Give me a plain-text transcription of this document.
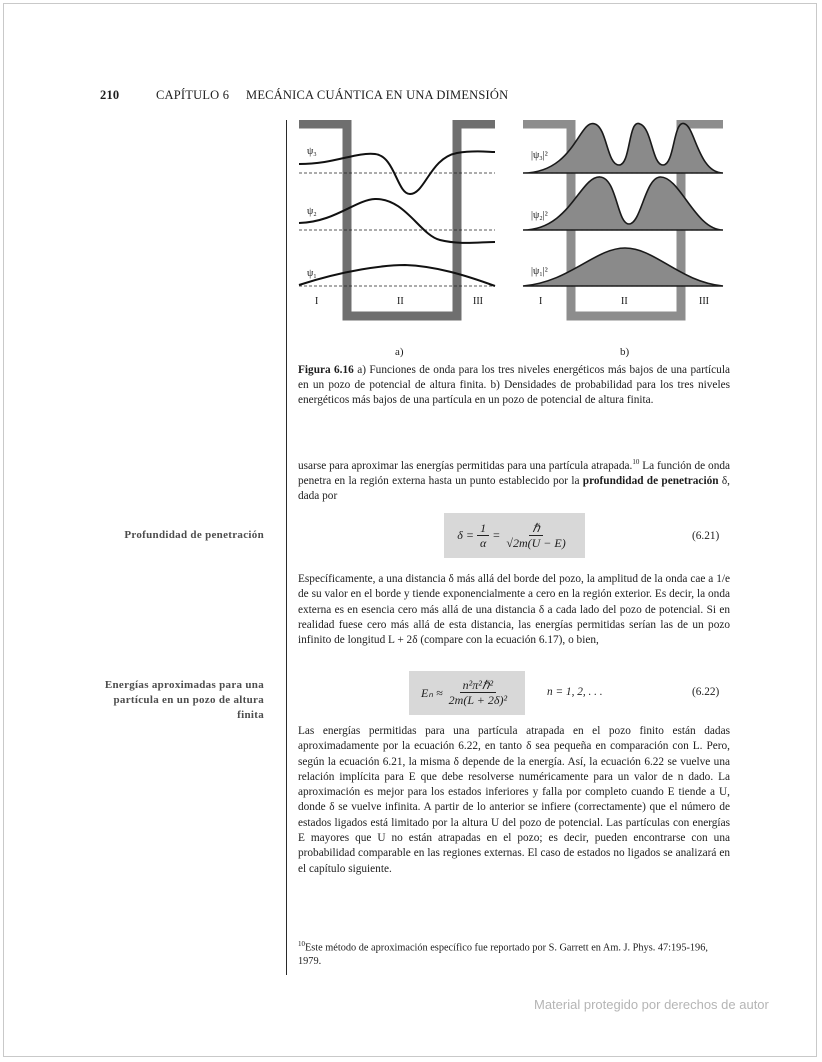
210	CAPÍTULO 6 MECÁNICA CUÁNTICA EN UNA DIMENSIÓN
ψ₃
ψ₂
ψ₁
I	II	III
|ψ₃|²
|ψ₂|²
|ψ₁|²
I	II	III
a)	b)
Figura 6.16 a) Funciones de onda para los tres niveles energéticos más bajos de una partícula en un pozo de potencial de altura finita. b) Densidades de probabilidad para los tres niveles energéticos más bajos de una partícula en un pozo de potencial de altura finita.

usarse para aproximar las energías permitidas para una partícula atrapada.$^{10}$ La función de onda penetra en la región externa hasta un punto establecido por la profundidad de penetración δ, dada por

Profundidad de penetración	$\delta = \frac{1}{\alpha} = \frac{\text{ℏ}}{√2m(U - E)}$	(6.21)

Específicamente, a una distancia δ más allá del borde del pozo, la amplitud de la onda cae a 1/e de su valor en el borde y tiende exponencialmente a cero en la región exterior. Es decir, la onda externa es en esencia cero más allá de una distancia δ a cada lado del pozo de potencial. Si en realidad fuese cero más allá de esta distancia, las energías permitidas serían las de un pozo infinito de longitud L + 2δ (compare con la ecuación 6.17), o bien,

Energías aproximadas para una partícula en un pozo de altura finita
$E_n \approx \frac{\text{n²π²ℏ²}}{\text{2m(L + 2δ)²}}$	n = 1, 2, . . .	(6.22)

Las energías permitidas para una partícula atrapada en el pozo finito están dadas aproximadamente por la ecuación 6.22, en tanto δ sea pequeña en comparación con L. Pero, según la ecuación 6.21, la misma δ depende de la energía. Así, la ecuación 6.22 se vuelve una relación implícita para E que debe resolverse numéricamente para un valor de n dado. La aproximación es mejor para los estados inferiores y falla por completo cuando E tiende a U, donde δ se vuelve infinita. A partir de lo anterior se infiere (correctamente) que el número de estados ligados está limitado por la altura U del pozo de potencial. Las partículas con energías E mayores que U no están atrapadas en el pozo; es decir, pueden encontrarse con una probabilidad comparable en las regiones externas. El caso de estados no ligados se analizará en el capítulo siguiente.

$^{10}$Este método de aproximación específico fue reportado por S. Garrett en Am. J. Phys. 47:195-196, 1979.
Material protegido por derechos de autor
